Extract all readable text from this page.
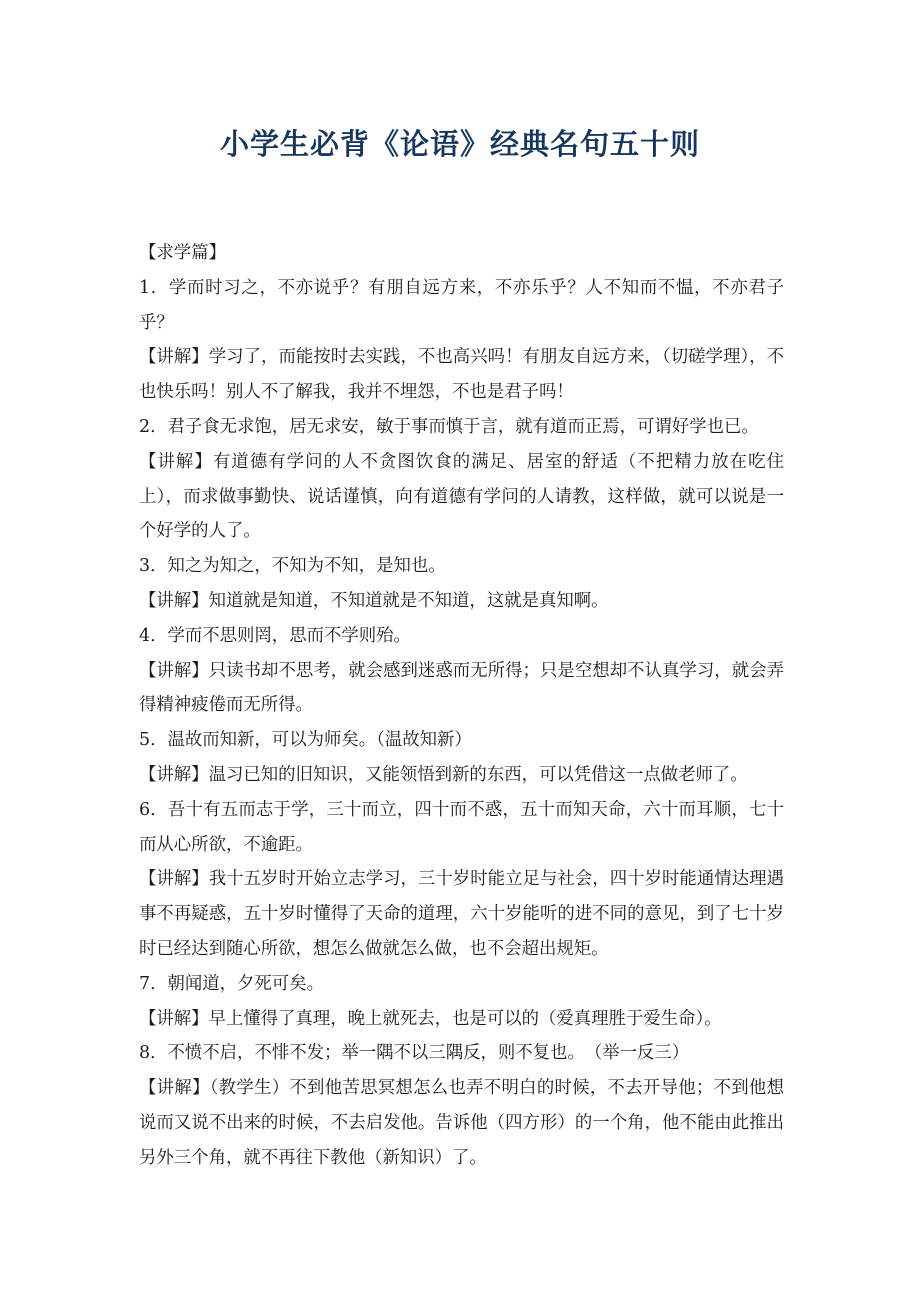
小学生必背《论语》经典名句五十则

【求学篇】

1．学而时习之，不亦说乎？有朋自远方来，不亦乐乎？人不知而不愠，不亦君子乎？

【讲解】学习了，而能按时去实践，不也高兴吗！有朋友自远方来，（切磋学理），不也快乐吗！别人不了解我，我并不埋怨，不也是君子吗！

2．君子食无求饱，居无求安，敏于事而慎于言，就有道而正焉，可谓好学也已。

【讲解】有道德有学问的人不贪图饮食的满足、居室的舒适（不把精力放在吃住上），而求做事勤快、说话谨慎，向有道德有学问的人请教，这样做，就可以说是一个好学的人了。

3．知之为知之，不知为不知，是知也。

【讲解】知道就是知道，不知道就是不知道，这就是真知啊。

4．学而不思则罔，思而不学则殆。

【讲解】只读书却不思考，就会感到迷惑而无所得；只是空想却不认真学习，就会弄得精神疲倦而无所得。

5．温故而知新，可以为师矣。（温故知新）

【讲解】温习已知的旧知识，又能领悟到新的东西，可以凭借这一点做老师了。

6．吾十有五而志于学，三十而立，四十而不惑，五十而知天命，六十而耳顺，七十而从心所欲，不逾距。

【讲解】我十五岁时开始立志学习，三十岁时能立足与社会，四十岁时能通情达理遇事不再疑惑，五十岁时懂得了天命的道理，六十岁能听的进不同的意见，到了七十岁时已经达到随心所欲，想怎么做就怎么做，也不会超出规矩。

7．朝闻道，夕死可矣。

【讲解】早上懂得了真理，晚上就死去，也是可以的（爱真理胜于爱生命）。

8．不愤不启，不悱不发；举一隅不以三隅反，则不复也。　（举一反三）

【讲解】（教学生）不到他苦思冥想怎么也弄不明白的时候，不去开导他；不到他想说而又说不出来的时候，不去启发他。告诉他（四方形）的一个角，他不能由此推出另外三个角，就不再往下教他（新知识）了。
